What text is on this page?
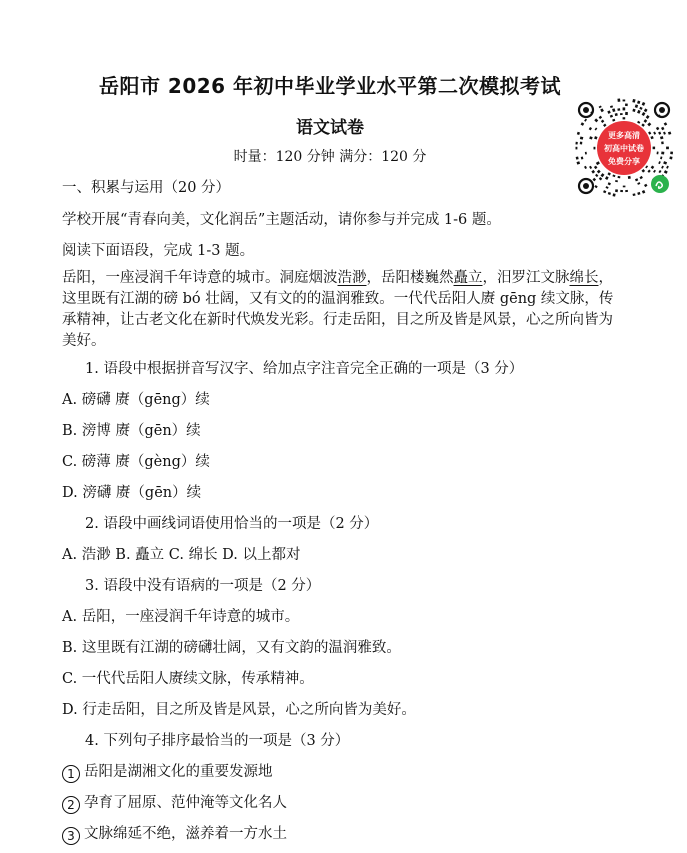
岳阳市 2026 年初中毕业学业水平第二次模拟考试
语文试卷
时量：120 分钟 满分：120 分
更多高清
初高中试卷
免费分享
一、积累与运用（20 分）
学校开展“青春向美，文化润岳”主题活动，请你参与并完成 1-6 题。
阅读下面语段，完成 1-3 题。
岳阳，一座浸润千年诗意的城市。洞庭烟波浩渺，岳阳楼巍然矗立，汨罗江文脉绵长，这里既有江湖的磅 bó 壮阔，又有文的的温润雅致。一代代岳阳人赓 gēng 续文脉，传承精神，让古老文化在新时代焕发光彩。行走岳阳，目之所及皆是风景，心之所向皆为美好。
1. 语段中根据拼音写汉字、给加点字注音完全正确的一项是（3 分）
A. 磅礴 赓（gēng）续
B. 滂博 赓（gēn）续
C. 磅薄 赓（gèng）续
D. 滂礴 赓（gēn）续
2. 语段中画线词语使用恰当的一项是（2 分）
A. 浩渺 B. 矗立 C. 绵长 D. 以上都对
3. 语段中没有语病的一项是（2 分）
A. 岳阳，一座浸润千年诗意的城市。
B. 这里既有江湖的磅礴壮阔，又有文韵的温润雅致。
C. 一代代岳阳人赓续文脉，传承精神。
D. 行走岳阳，目之所及皆是风景，心之所向皆为美好。
4. 下列句子排序最恰当的一项是（3 分）
1 岳阳是湖湘文化的重要发源地
2 孕育了屈原、范仲淹等文化名人
3 文脉绵延不绝，滋养着一方水土
